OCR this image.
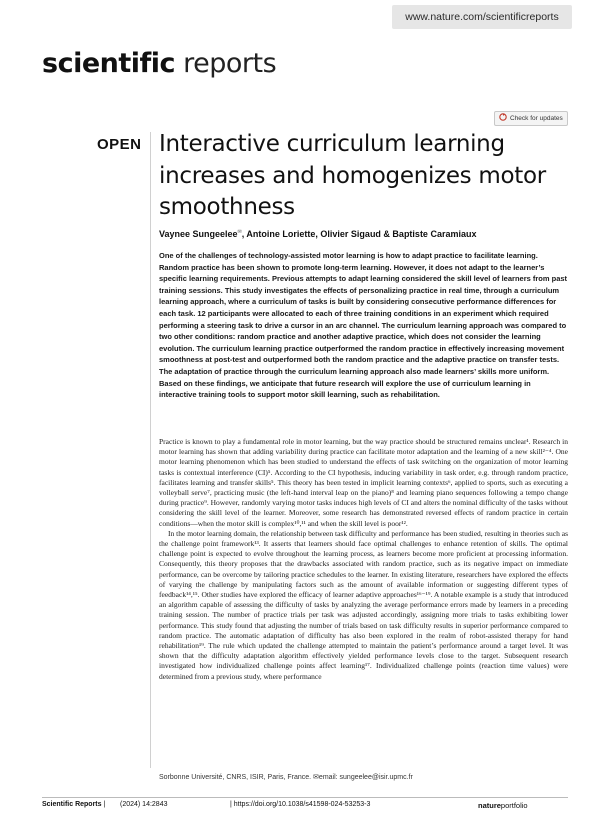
www.nature.com/scientificreports
scientific reports
Check for updates
OPEN Interactive curriculum learning increases and homogenizes motor smoothness
Vaynee Sungeelee✉, Antoine Loriette, Olivier Sigaud & Baptiste Caramiaux

One of the challenges of technology-assisted motor learning is how to adapt practice to facilitate learning. Random practice has been shown to promote long-term learning. However, it does not adapt to the learner’s specific learning requirements. Previous attempts to adapt learning considered the skill level of learners from past training sessions. This study investigates the effects of personalizing practice in real time, through a curriculum learning approach, where a curriculum of tasks is built by considering consecutive performance differences for each task. 12 participants were allocated to each of three training conditions in an experiment which required performing a steering task to drive a cursor in an arc channel. The curriculum learning approach was compared to two other conditions: random practice and another adaptive practice, which does not consider the learning evolution. The curriculum learning practice outperformed the random practice in effectively increasing movement smoothness at post-test and outperformed both the random practice and the adaptive practice on transfer tests. The adaptation of practice through the curriculum learning approach also made learners’ skills more uniform. Based on these findings, we anticipate that future research will explore the use of curriculum learning in interactive training tools to support motor skill learning, such as rehabilitation.

Practice is known to play a fundamental role in motor learning, but the way practice should be structured remains unclear¹. Research in motor learning has shown that adding variability during practice can facilitate motor adaptation and the learning of a new skill²⁻⁴. One motor learning phenomenon which has been studied to understand the effects of task switching on the organization of motor learning tasks is contextual interference (CI)⁵. According to the CI hypothesis, inducing variability in task order, e.g. through random practice, facilitates learning and transfer skills⁵. This theory has been tested in implicit learning contexts⁶, applied to sports, such as executing a volleyball serve⁷, practicing music (the left-hand interval leap on the piano)⁸ and learning piano sequences following a tempo change during practice⁹. However, randomly varying motor tasks induces high levels of CI and alters the nominal difficulty of the tasks without considering the skill level of the learner. Moreover, some research has demonstrated reversed effects of random practice in certain conditions—when the motor skill is complex¹⁰,¹¹ and when the skill level is poor¹².

In the motor learning domain, the relationship between task difficulty and performance has been studied, resulting in theories such as the challenge point framework¹³. It asserts that learners should face optimal challenges to enhance retention of skills. The optimal challenge point is expected to evolve throughout the learning process, as learners become more proficient at processing information. Consequently, this theory proposes that the drawbacks associated with random practice, such as its negative impact on immediate performance, can be overcome by tailoring practice schedules to the learner. In existing literature, researchers have explored the effects of varying the challenge by manipulating factors such as the amount of available information or suggesting different types of feedback¹⁴,¹⁵. Other studies have explored the efficacy of learner adaptive approaches¹⁶⁻¹⁹. A notable example is a study that introduced an algorithm capable of assessing the difficulty of tasks by analyzing the average performance errors made by learners in a preceding training session. The number of practice trials per task was adjusted accordingly, assigning more trials to tasks exhibiting lower performance. This study found that adjusting the number of trials based on task difficulty results in superior performance compared to random practice. The automatic adaptation of difficulty has also been explored in the realm of robot-assisted therapy for hand rehabilitation¹⁹. The rule which updated the challenge attempted to maintain the patient’s performance around a target level. It was shown that the difficulty adaptation algorithm effectively yielded performance levels close to the target. Subsequent research investigated how individualized challenge points affect learning¹⁷. Individualized challenge points (reaction time values) were determined from a previous study, where performance

Sorbonne Université, CNRS, ISIR, Paris, France. ✉email: sungeelee@isir.upmc.fr
Scientific Reports | (2024) 14:2843	| https://doi.org/10.1038/s41598-024-53253-3	natureportfolio
